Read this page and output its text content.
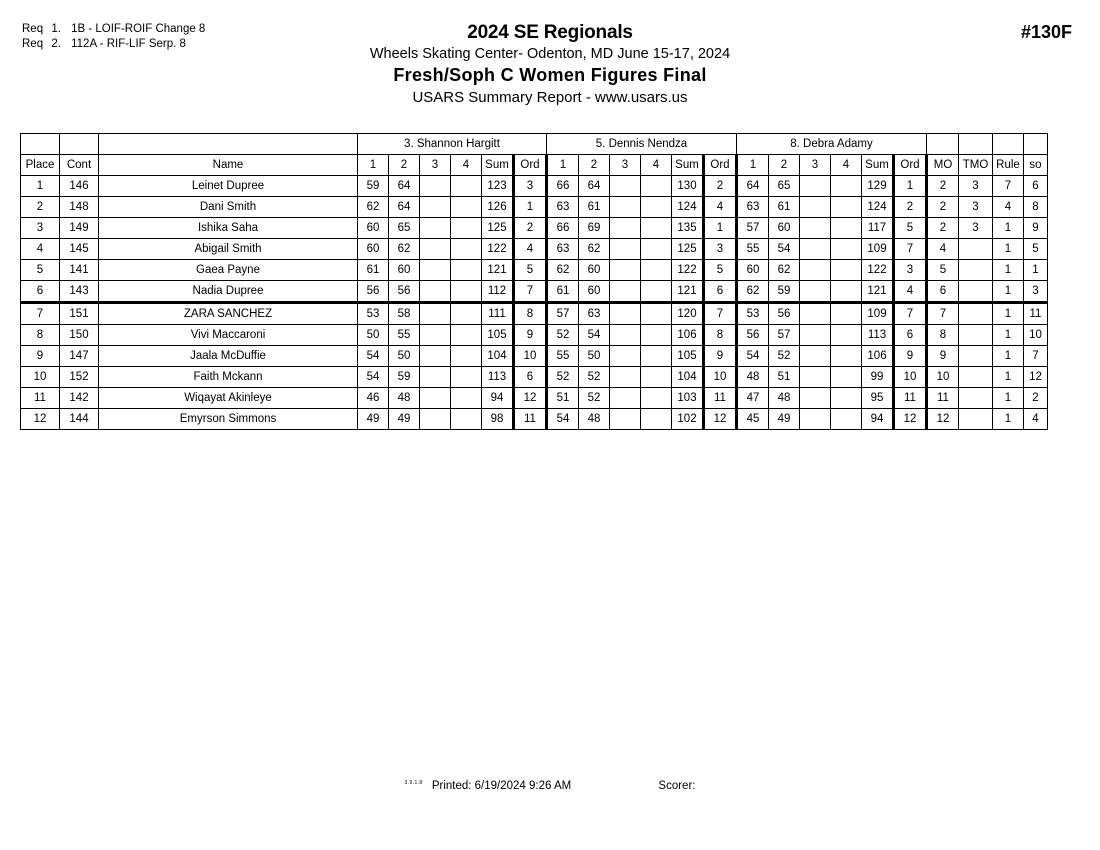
Req 1. 1B - LOIF-ROIF Change 8
Req 2. 112A - RIF-LIF Serp. 8
2024 SE Regionals
Wheels Skating Center- Odenton, MD June 15-17, 2024
Fresh/Soph C Women Figures Final
USARS Summary Report - www.usars.us
#130F
			3. Shannon Hargitt						5. Dennis Nendza						8. Debra Adamy									
Place	Cont	Name	1	2	3	4	Sum	Ord	1	2	3	4	Sum	Ord	1	2	3	4	Sum	Ord	MO	TMO	Rule	so
1	146	Leinet Dupree	59	64			123	3	66	64			130	2	64	65			129	1	2	3	7	6
2	148	Dani Smith	62	64			126	1	63	61			124	4	63	61			124	2	2	3	4	8
3	149	Ishika Saha	60	65			125	2	66	69			135	1	57	60			117	5	2	3	1	9
4	145	Abigail Smith	60	62			122	4	63	62			125	3	55	54			109	7	4		1	5
5	141	Gaea Payne	61	60			121	5	62	60			122	5	60	62			122	3	5		1	1
6	143	Nadia Dupree	56	56			112	7	61	60			121	6	62	59			121	4	6		1	3
7	151	ZARA SANCHEZ	53	58			111	8	57	63			120	7	53	56			109	7	7		1	11
8	150	Vivi Maccaroni	50	55			105	9	52	54			106	8	56	57			113	6	8		1	10
9	147	Jaala McDuffie	54	50			104	10	55	50			105	9	54	52			106	9	9		1	7
10	152	Faith Mckann	54	59			113	6	52	52			104	10	48	51			99	10	10		1	12
11	142	Wiqayat Akinleye	46	48			94	12	51	52			103	11	47	48			95	11	11		1	2
12	144	Emyrson Simmons	49	49			98	11	54	48			102	12	45	49			94	12	12		1	4
$^{3.9.1.8}$ Printed: 6/19/2024 9:26 AM	Scorer:
